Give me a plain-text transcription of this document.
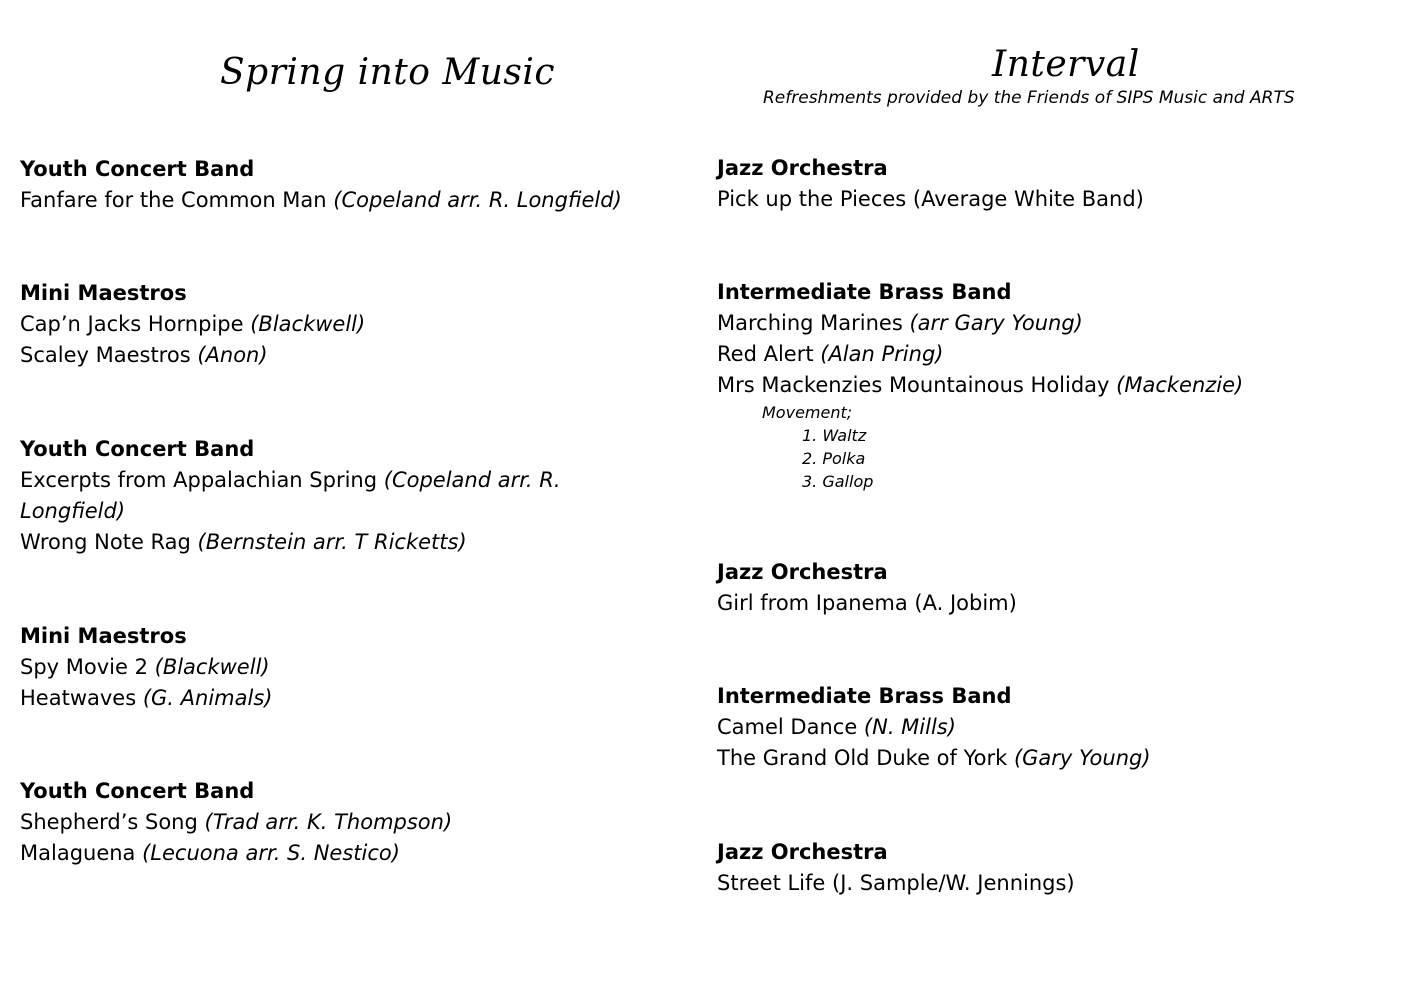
Spring into Music
Youth Concert Band

Fanfare for the Common Man (Copeland arr. R. Longfield)

Mini Maestros

Cap’n Jacks Hornpipe (Blackwell)

Scaley Maestros (Anon)

Youth Concert Band

Excerpts from Appalachian Spring (Copeland arr. R. Longfield)

Wrong Note Rag (Bernstein arr. T Ricketts)

Mini Maestros

Spy Movie 2 (Blackwell)

Heatwaves (G. Animals)

Youth Concert Band

Shepherd’s Song (Trad arr. K. Thompson)

Malaguena (Lecuona arr. S. Nestico)

Interval
Refreshments provided by the Friends of SIPS Music and ARTS
Jazz Orchestra

Pick up the Pieces (Average White Band)

Intermediate Brass Band

Marching Marines (arr Gary Young)

Red Alert (Alan Pring)

Mrs Mackenzies Mountainous Holiday (Mackenzie)

Movement;
1. Waltz
2. Polka
3. Gallop
Jazz Orchestra

Girl from Ipanema (A. Jobim)

Intermediate Brass Band

Camel Dance (N. Mills)

The Grand Old Duke of York (Gary Young)

Jazz Orchestra

Street Life (J. Sample/W. Jennings)
